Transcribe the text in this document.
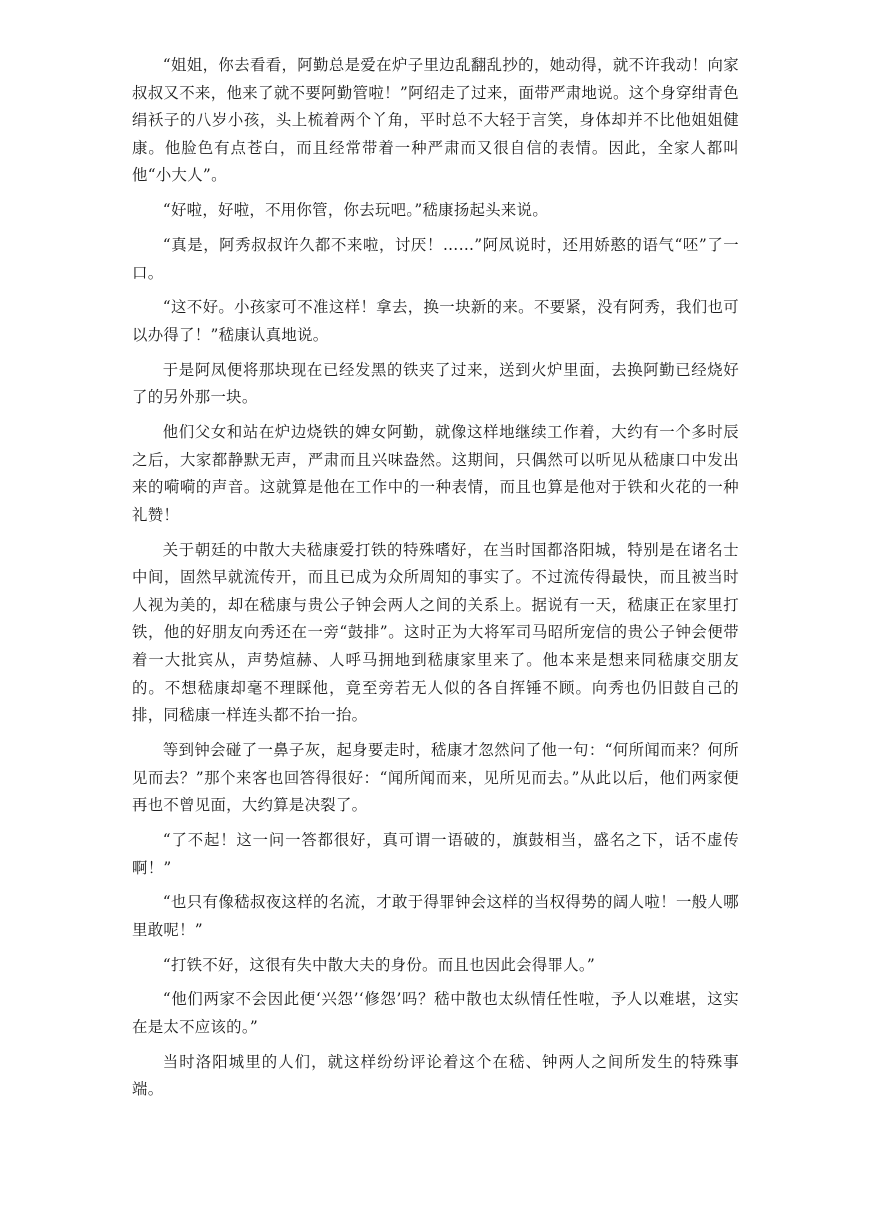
“姐姐，你去看看，阿勤总是爱在炉子里边乱翻乱抄的，她动得，就不许我动！向家叔叔又不来，他来了就不要阿勤管啦！”阿绍走了过来，面带严肃地说。这个身穿绀青色绢袄子的八岁小孩，头上梳着两个丫角，平时总不大轻于言笑，身体却并不比他姐姐健康。他脸色有点苍白，而且经常带着一种严肃而又很自信的表情。因此，全家人都叫他“小大人”。

“好啦，好啦，不用你管，你去玩吧。”嵇康扬起头来说。

“真是，阿秀叔叔许久都不来啦，讨厌！……”阿凤说时，还用娇憨的语气“呸”了一口。

“这不好。小孩家可不准这样！拿去，换一块新的来。不要紧，没有阿秀，我们也可以办得了！”嵇康认真地说。

于是阿凤便将那块现在已经发黑的铁夹了过来，送到火炉里面，去换阿勤已经烧好了的另外那一块。

他们父女和站在炉边烧铁的婢女阿勤，就像这样地继续工作着，大约有一个多时辰之后，大家都静默无声，严肃而且兴味盎然。这期间，只偶然可以听见从嵇康口中发出来的嗬嗬的声音。这就算是他在工作中的一种表情，而且也算是他对于铁和火花的一种礼赞！

关于朝廷的中散大夫嵇康爱打铁的特殊嗜好，在当时国都洛阳城，特别是在诸名士中间，固然早就流传开，而且已成为众所周知的事实了。不过流传得最快，而且被当时人视为美的，却在嵇康与贵公子钟会两人之间的关系上。据说有一天，嵇康正在家里打铁，他的好朋友向秀还在一旁“鼓排”。这时正为大将军司马昭所宠信的贵公子钟会便带着一大批宾从，声势煊赫、人呼马拥地到嵇康家里来了。他本来是想来同嵇康交朋友的。不想嵇康却毫不理睬他，竟至旁若无人似的各自挥锤不顾。向秀也仍旧鼓自己的排，同嵇康一样连头都不抬一抬。

等到钟会碰了一鼻子灰，起身要走时，嵇康才忽然问了他一句：“何所闻而来？何所见而去？”那个来客也回答得很好：“闻所闻而来，见所见而去。”从此以后，他们两家便再也不曾见面，大约算是决裂了。

“了不起！这一问一答都很好，真可谓一语破的，旗鼓相当，盛名之下，话不虚传啊！”

“也只有像嵇叔夜这样的名流，才敢于得罪钟会这样的当权得势的阔人啦！一般人哪里敢呢！”

“打铁不好，这很有失中散大夫的身份。而且也因此会得罪人。”

“他们两家不会因此便‘兴怨’‘修怨’吗？嵇中散也太纵情任性啦，予人以难堪，这实在是太不应该的。”

当时洛阳城里的人们，就这样纷纷评论着这个在嵇、钟两人之间所发生的特殊事端。
